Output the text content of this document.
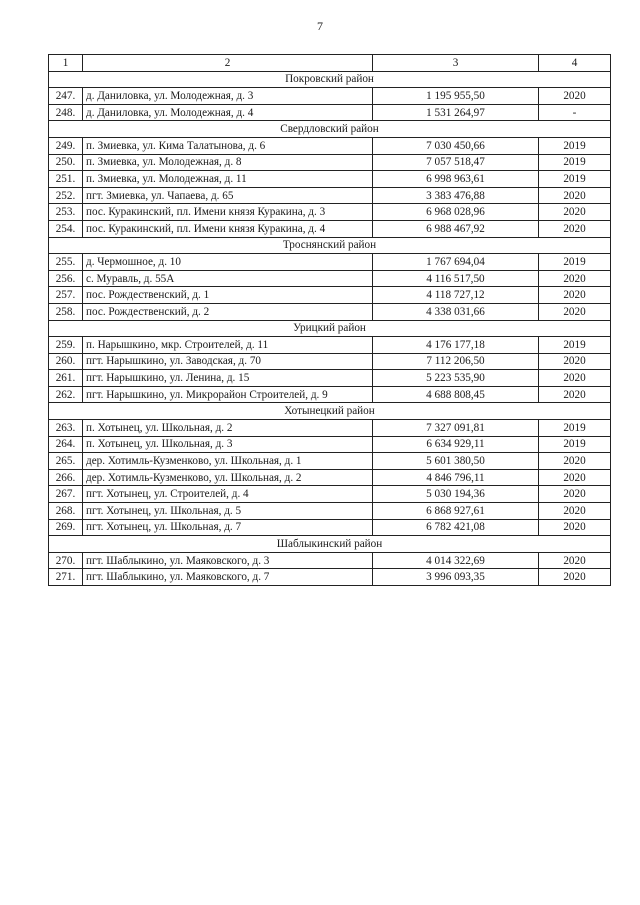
7
1	2	3	4
Покровский район			
247.	д. Даниловка, ул. Молодежная, д. 3	1 195 955,50	2020
248.	д. Даниловка, ул. Молодежная, д. 4	1 531 264,97	-
Свердловский район			
249.	п. Змиевка, ул. Кима Талатынова, д. 6	7 030 450,66	2019
250.	п. Змиевка, ул. Молодежная, д. 8	7 057 518,47	2019
251.	п. Змиевка, ул. Молодежная, д. 11	6 998 963,61	2019
252.	пгт. Змиевка, ул. Чапаева, д. 65	3 383 476,88	2020
253.	пос. Куракинский, пл. Имени князя Куракина, д. 3	6 968 028,96	2020
254.	пос. Куракинский, пл. Имени князя Куракина, д. 4	6 988 467,92	2020
Троснянский район			
255.	д. Чермошное, д. 10	1 767 694,04	2019
256.	с. Муравль, д. 55А	4 116 517,50	2020
257.	пос. Рождественский, д. 1	4 118 727,12	2020
258.	пос. Рождественский, д. 2	4 338 031,66	2020
Урицкий район			
259.	п. Нарышкино, мкр. Строителей, д. 11	4 176 177,18	2019
260.	пгт. Нарышкино, ул. Заводская, д. 70	7 112 206,50	2020
261.	пгт. Нарышкино, ул. Ленина, д. 15	5 223 535,90	2020
262.	пгт. Нарышкино, ул. Микрорайон Строителей, д. 9	4 688 808,45	2020
Хотынецкий район			
263.	п. Хотынец, ул. Школьная, д. 2	7 327 091,81	2019
264.	п. Хотынец, ул. Школьная, д. 3	6 634 929,11	2019
265.	дер. Хотимль-Кузменково, ул. Школьная, д. 1	5 601 380,50	2020
266.	дер. Хотимль-Кузменково, ул. Школьная, д. 2	4 846 796,11	2020
267.	пгт. Хотынец, ул. Строителей, д. 4	5 030 194,36	2020
268.	пгт. Хотынец, ул. Школьная, д. 5	6 868 927,61	2020
269.	пгт. Хотынец, ул. Школьная, д. 7	6 782 421,08	2020
Шаблыкинский район			
270.	пгт. Шаблыкино, ул. Маяковского, д. 3	4 014 322,69	2020
271.	пгт. Шаблыкино, ул. Маяковского, д. 7	3 996 093,35	2020
